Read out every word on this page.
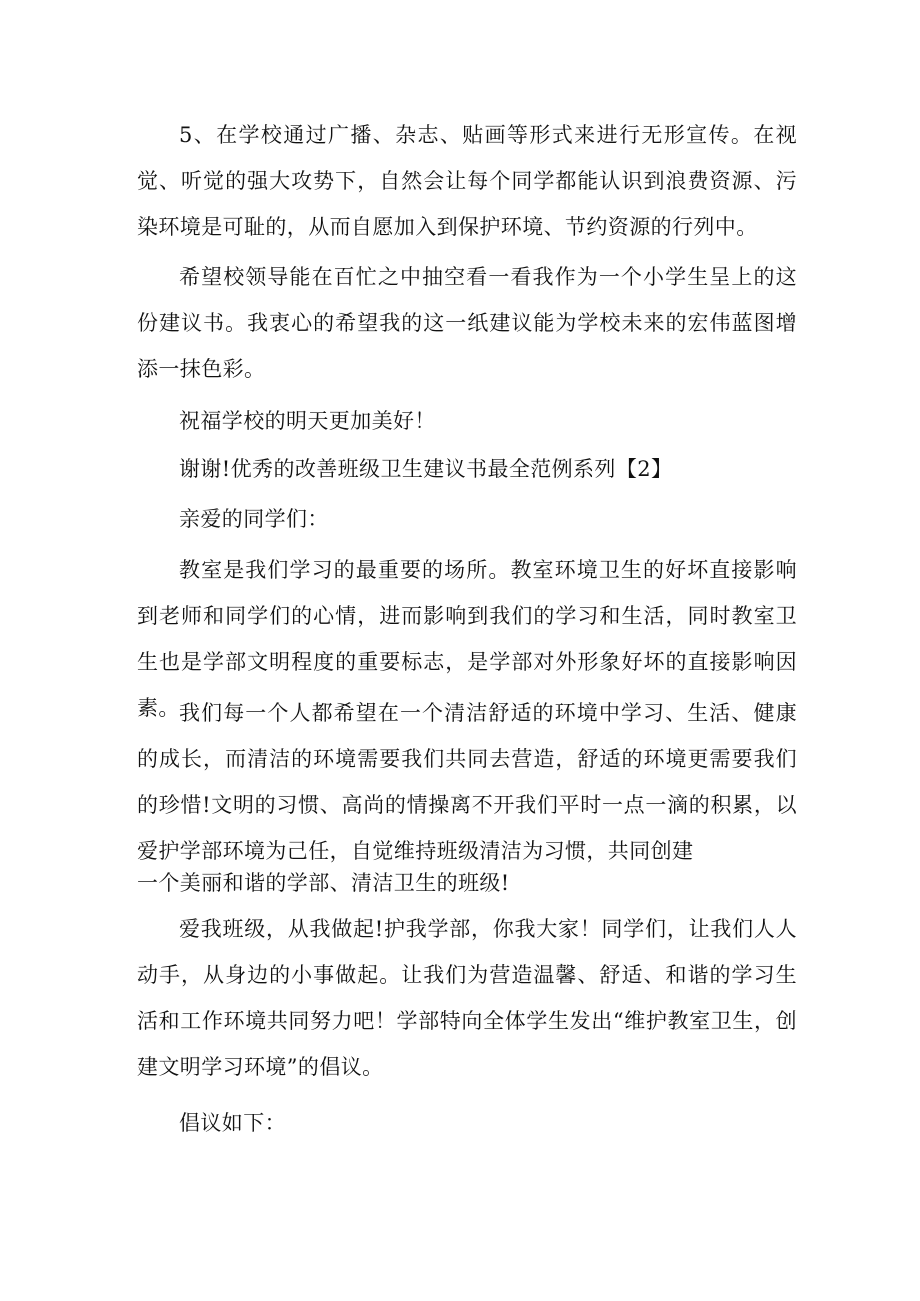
5、在学校通过广播、杂志、贴画等形式来进行无形宣传。在视觉、听觉的强大攻势下，自然会让每个同学都能认识到浪费资源、污染环境是可耻的，从而自愿加入到保护环境、节约资源的行列中。

希望校领导能在百忙之中抽空看一看我作为一个小学生呈上的这份建议书。我衷心的希望我的这一纸建议能为学校未来的宏伟蓝图增添一抹色彩。

祝福学校的明天更加美好！

谢谢!优秀的改善班级卫生建议书最全范例系列【2】

亲爱的同学们：

教室是我们学习的最重要的场所。教室环境卫生的好坏直接影响到老师和同学们的心情，进而影响到我们的学习和生活，同时教室卫生也是学部文明程度的重要标志，是学部对外形象好坏的直接影响因素。 我们每一个人都希望在一个清洁舒适的环境中学习、生活、健康的成长，而清洁的环境需要我们共同去营造，舒适的环境更需要我们的珍惜!文明的习惯、高尚的情操离不开我们平时一点一滴的积累，以爱护学部环境为己任，自觉维持班级清洁为习惯，共同创建

一个美丽和谐的学部、清洁卫生的班级!

爱我班级，从我做起!护我学部，你我大家！同学们，让我们人人动手，从身边的小事做起。让我们为营造温馨、舒适、和谐的学习生活和工作环境共同努力吧！学部特向全体学生发出“维护教室卫生，创建文明学习环境”的倡议。

倡议如下：
